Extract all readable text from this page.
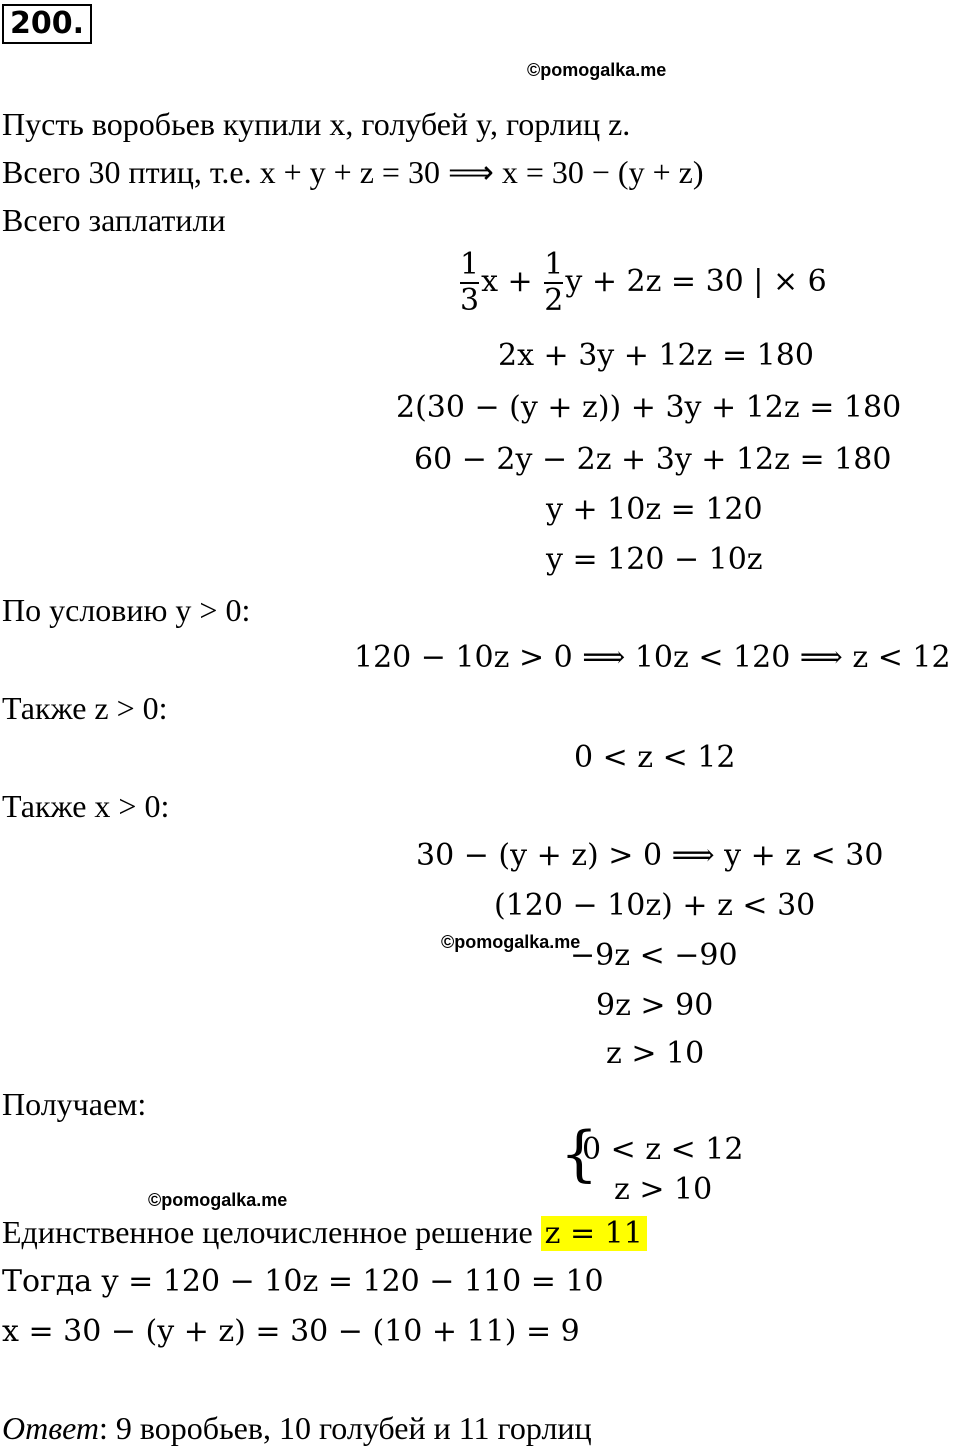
200.
©pomogalka.me
Пусть воробьев купили x, голубей y, горлиц z.
Всего 30 птиц, т.е. x + y + z = 30 ⟹ x = 30 − (y + z)
Всего заплатили
$\frac{1}{3}$ $x + \frac{1}{2}$ y + 2z = 30 | × 6
2x + 3y + 12z = 180
2(30 − (y + z)) + 3y + 12z = 180
60 − 2y − 2z + 3y + 12z = 180
y + 10z = 120
y = 120 − 10z
По условию y > 0:
120 − 10z > 0 ⟹ 10z < 120 ⟹ z < 12
Также z > 0:
0 < z < 12
Также x > 0:
30 − (y + z) > 0 ⟹ y + z < 30
(120 − 10z) + z < 30
©pomogalka.me
−9z < −90
9z > 90
z > 10
Получаем:
{
0 < z < 12
z > 10
©pomogalka.me
Единственное целочисленное решение z = 11
Тогда y = 120 − 10z = 120 − 110 = 10
x = 30 − (y + z) = 30 − (10 + 11) = 9
Ответ: 9 воробьев, 10 голубей и 11 горлиц
